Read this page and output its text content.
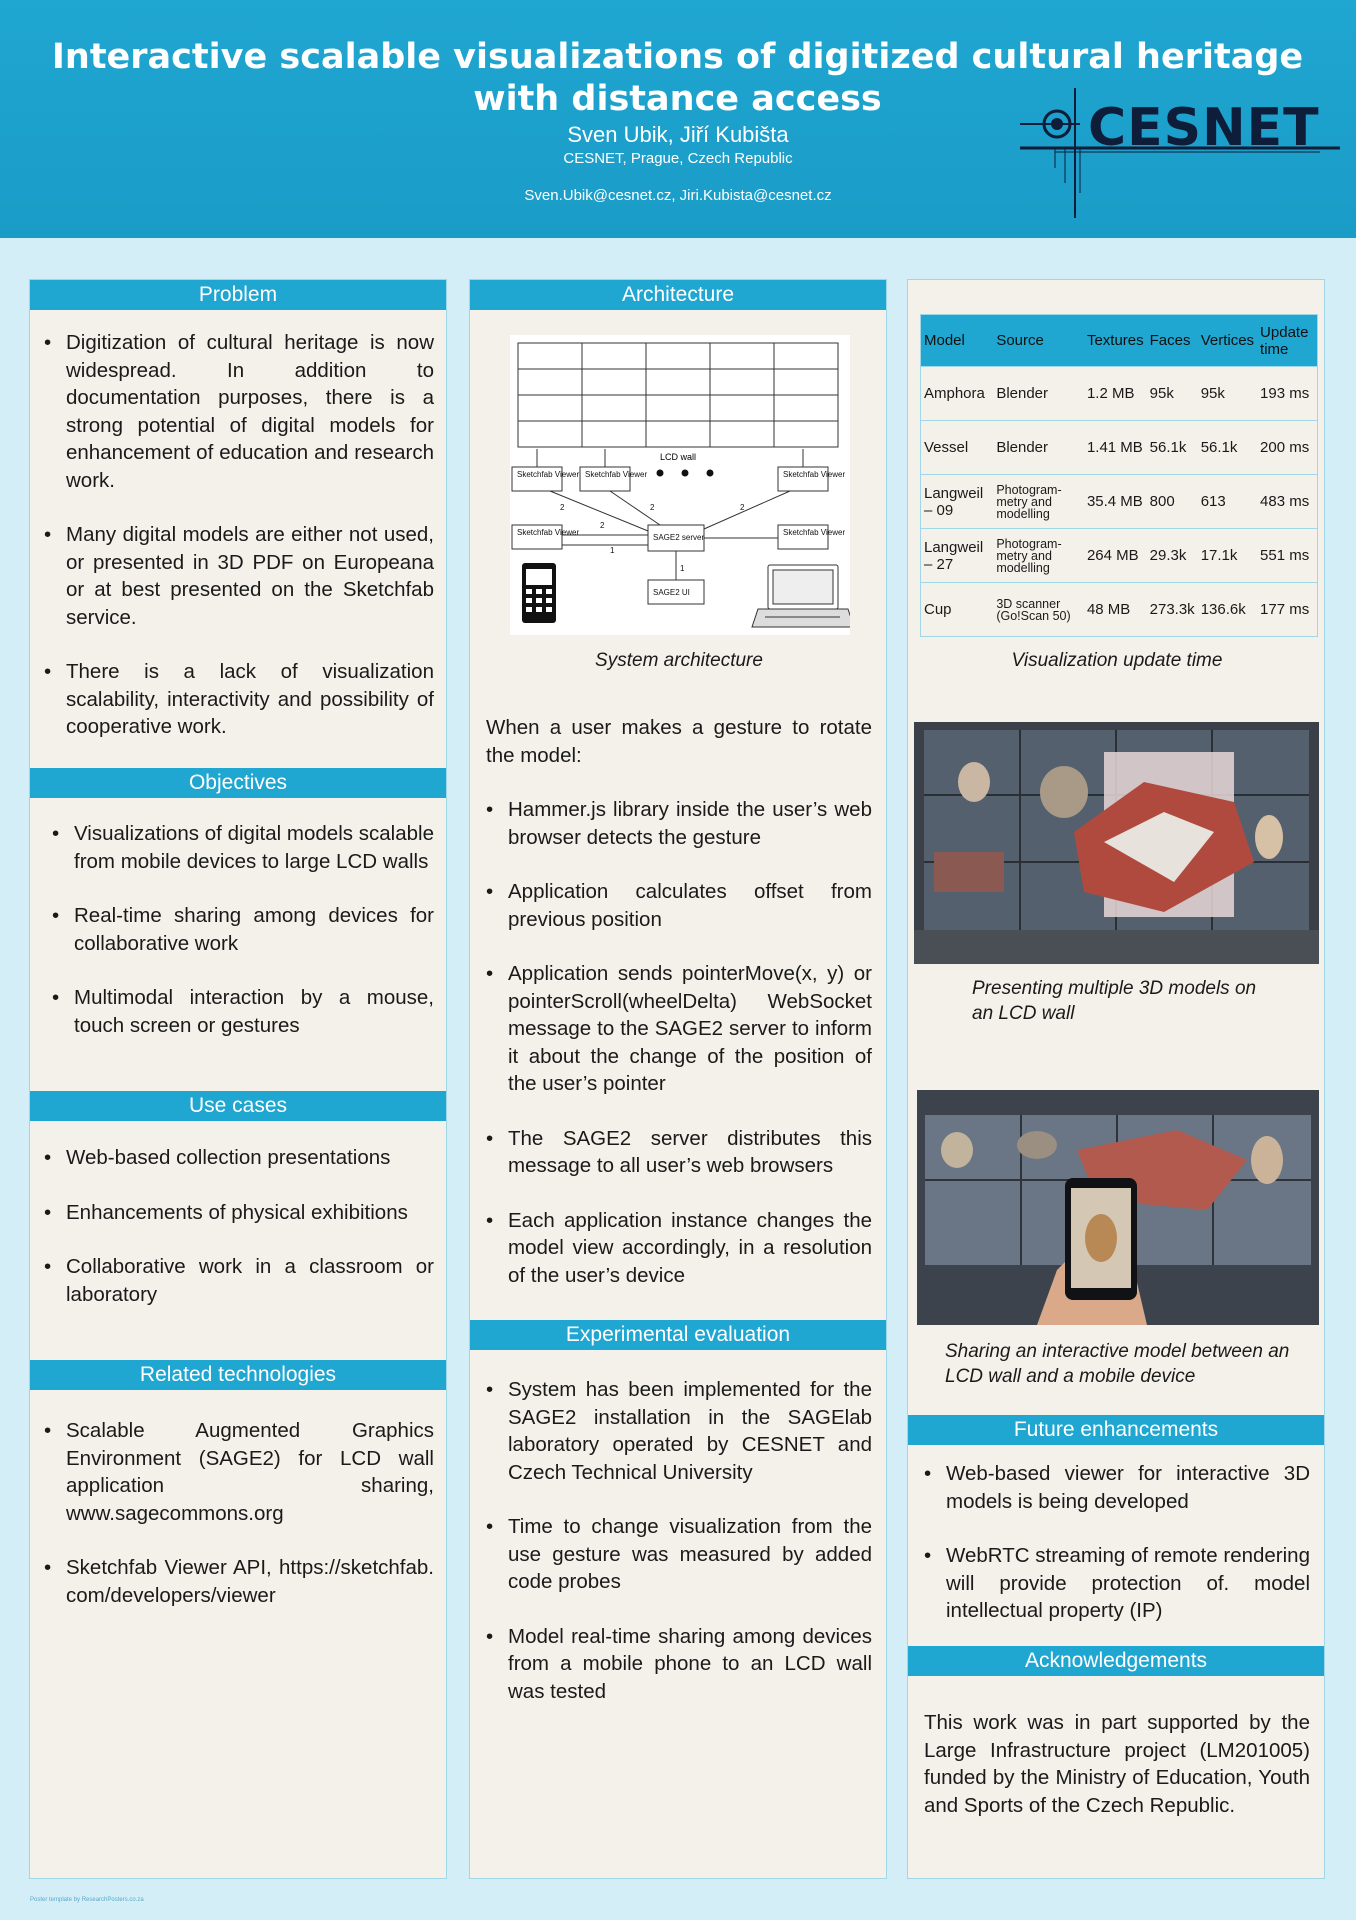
Interactive scalable visualizations of digitized cultural heritage with distance access
Sven Ubik, Jiří Kubišta
CESNET, Prague, Czech Republic
Sven.Ubik@cesnet.cz, Jiri.Kubista@cesnet.cz
CESNET
Problem
• Digitization of cultural heritage is now widespread. In addition to documentation purposes, there is a strong potential of digital models for enhancement of education and research work.
• Many digital models are either not used, or presented in 3D PDF on Europeana or at best presented on the Sketchfab service.
• There is a lack of visualization scalability, interactivity and possibility of cooperative work.
Objectives
• Visualizations of digital models scalable from mobile devices to large LCD walls
• Real-time sharing among devices for collaborative work
• Multimodal interaction by a mouse, touch screen or gestures
Use cases
• Web-based collection presentations
• Enhancements of physical exhibitions
• Collaborative work in a classroom or laboratory
Related technologies
• Scalable Augmented Graphics Environment (SAGE2) for LCD wall application sharing, www.sagecommons.org
• Sketchfab Viewer API, https://sketchfab.com/developers/viewer
Architecture
LCD wall
Sketchfab Viewer Sketchfab Viewer	Sketchfab Viewer
Sketchfab Viewer	Sketchfab Viewer
SAGE2 server
SAGE2 UI
2	2	2
2
1
1
System architecture
When a user makes a gesture to rotate the model:
• Hammer.js library inside the user’s web browser detects the gesture
• Application calculates offset from previous position
• Application sends pointerMove(x, y) or pointerScroll(wheelDelta) WebSocket message to the SAGE2 server to inform it about the change of the position of the user’s pointer
• The SAGE2 server distributes this message to all user’s web browsers
• Each application instance changes the model view accordingly, in a resolution of the user’s device
Experimental evaluation
• System has been implemented for the SAGE2 installation in the SAGElab laboratory operated by CESNET and Czech Technical University
• Time to change visualization from the use gesture was measured by added code probes
• Model real-time sharing among devices from a mobile phone to an LCD wall was tested
Model	Source	Textures	Faces	Vertices	Update time
Amphora	Blender	1.2 MB	95k	95k	193 ms
Vessel	Blender	1.41 MB	56.1k	56.1k	200 ms
Langweil – 09	Photogram-metry and modelling	35.4 MB	800	613	483 ms
Langweil – 27	Photogram-metry and modelling	264 MB	29.3k	17.1k	551 ms
Cup	3D scanner (Go!Scan 50)	48 MB	273.3k	136.6k	177 ms
Visualization update time
Presenting multiple 3D models on an LCD wall
Sharing an interactive model between an LCD wall and a mobile device
Future enhancements
• Web-based viewer for interactive 3D models is being developed
• WebRTC streaming of remote rendering will provide protection of. model intellectual property (IP)
Acknowledgements
This work was in part supported by the Large Infrastructure project (LM201005) funded by the Ministry of Education, Youth and Sports of the Czech Republic.
Poster template by ResearchPosters.co.za
